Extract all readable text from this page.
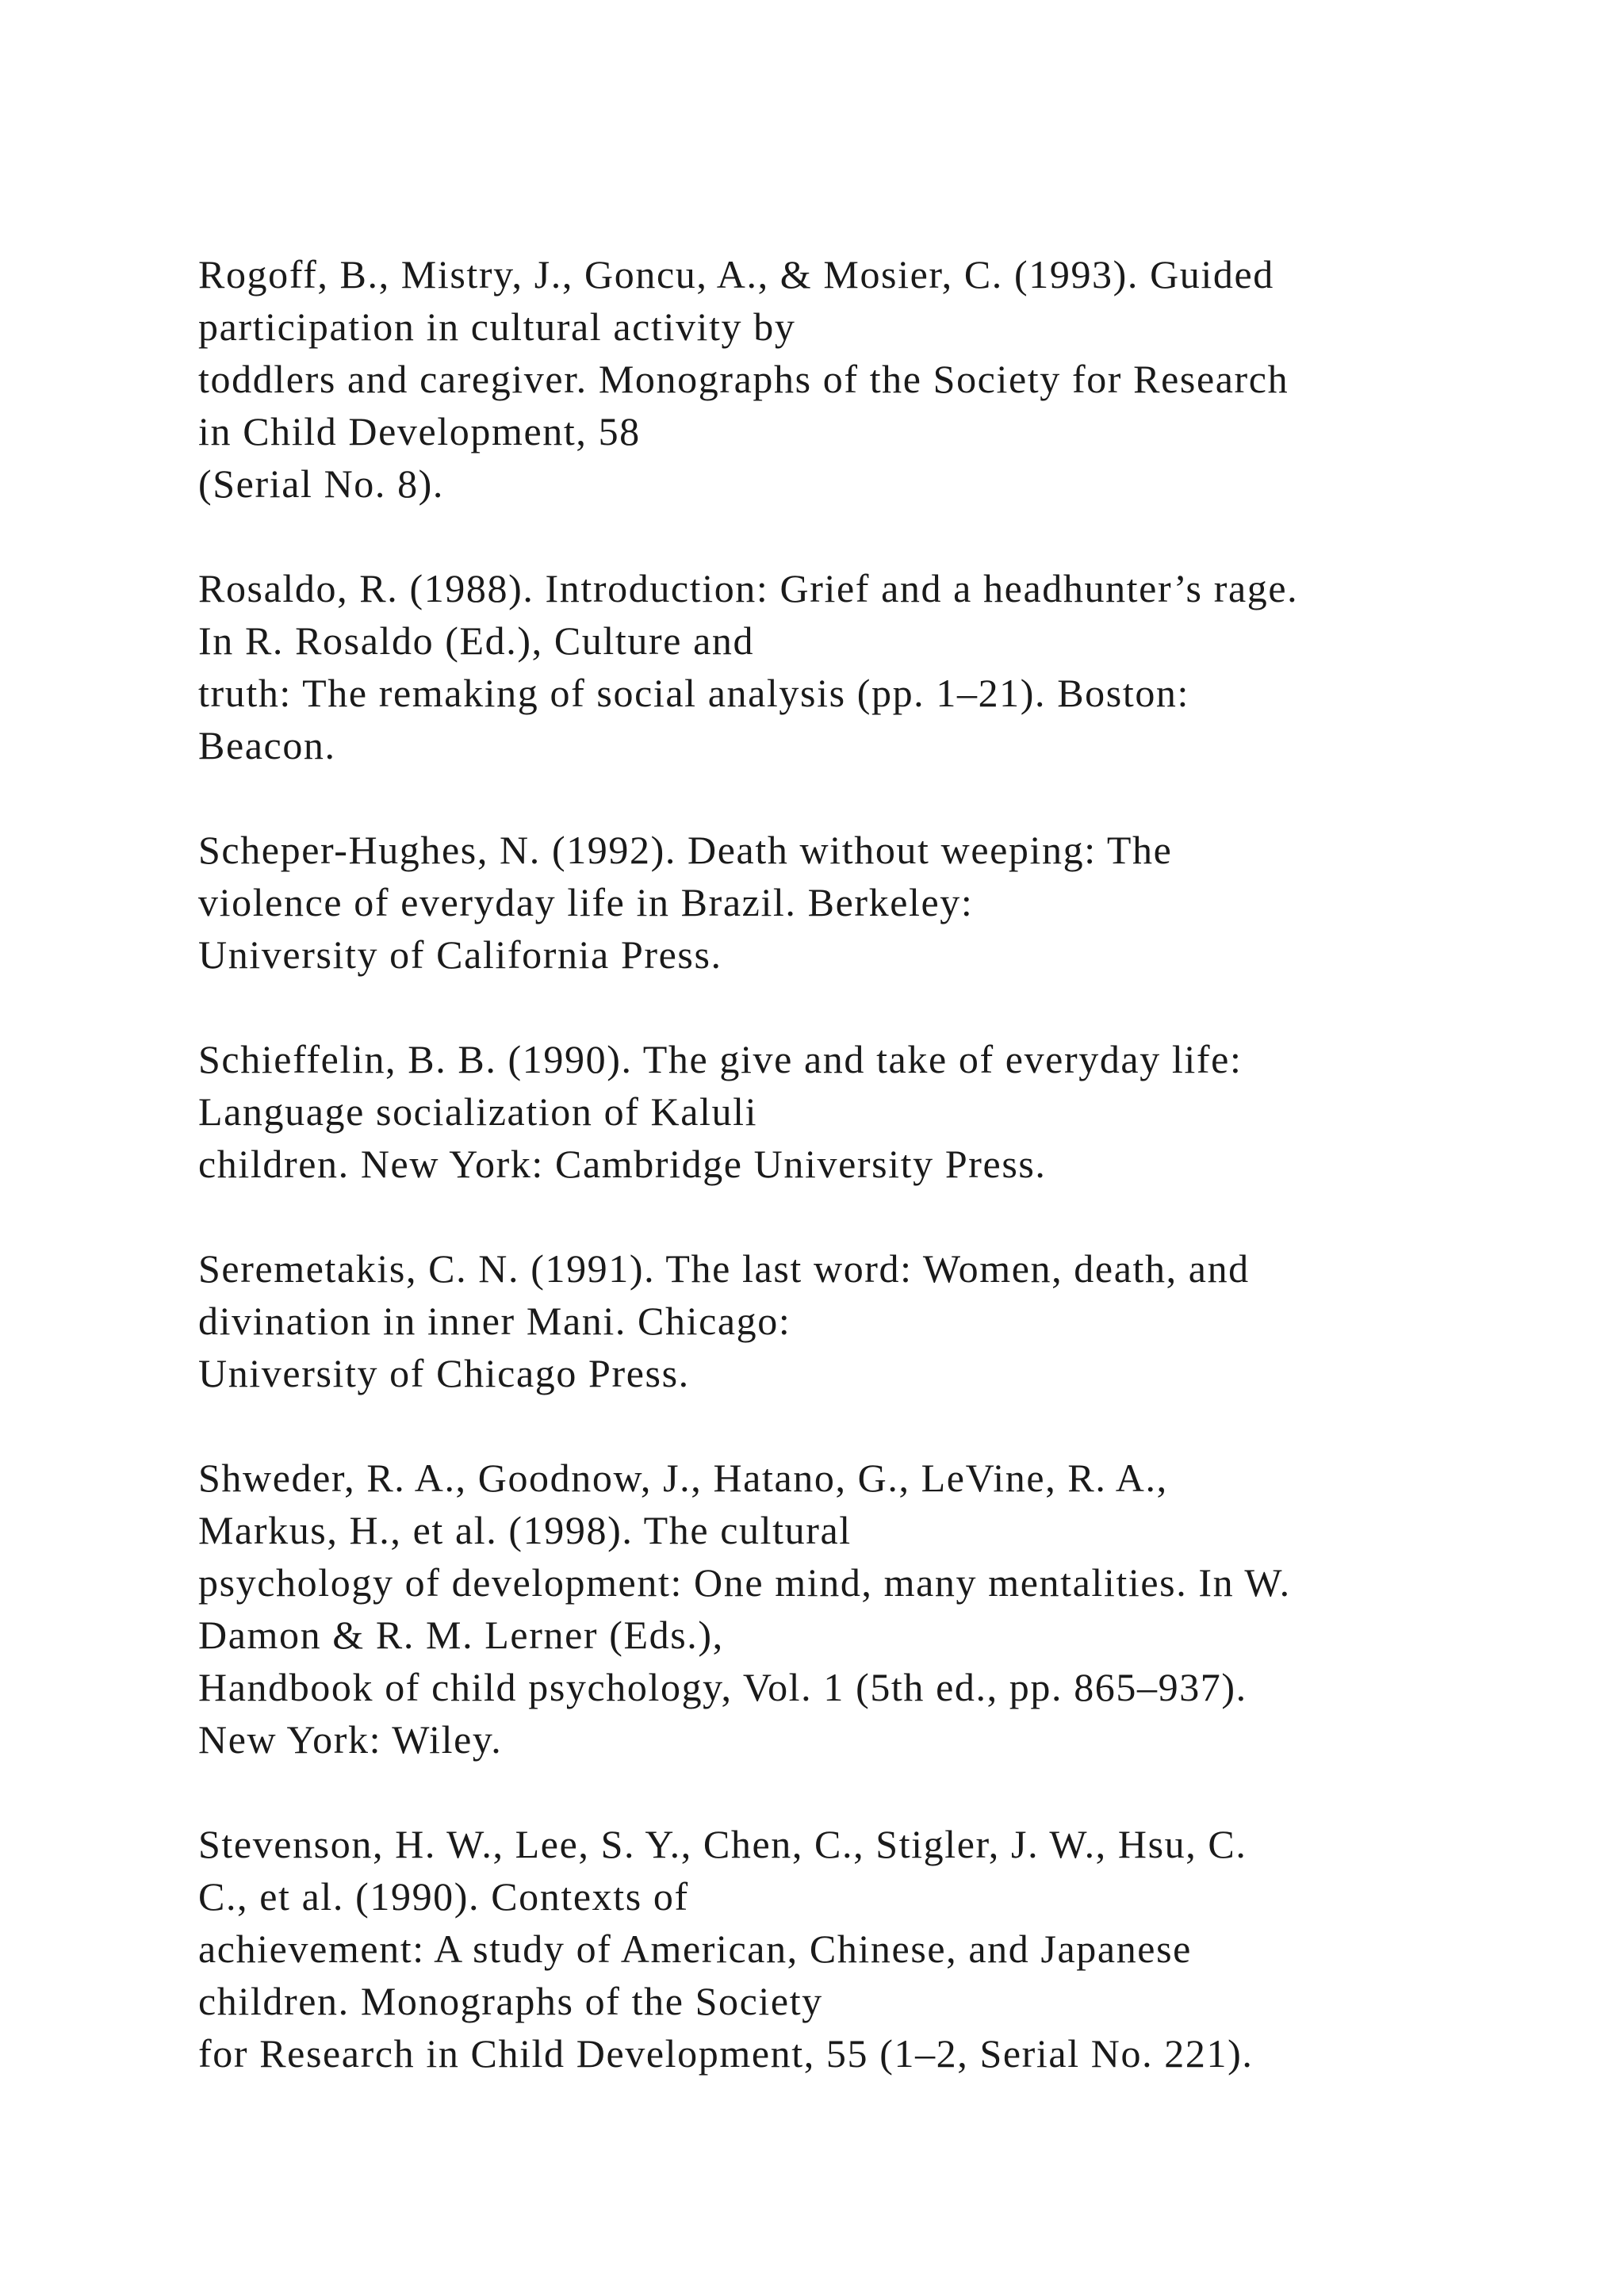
Rogoff, B., Mistry, J., Goncu, A., & Mosier, C. (1993). Guided
participation in cultural activity by
toddlers and caregiver. Monographs of the Society for Research
in Child Development, 58
(Serial No. 8).
Rosaldo, R. (1988). Introduction: Grief and a headhunter’s rage.
In R. Rosaldo (Ed.), Culture and
truth: The remaking of social analysis (pp. 1–21). Boston:
Beacon.
Scheper-Hughes, N. (1992). Death without weeping: The
violence of everyday life in Brazil. Berkeley:
University of California Press.
Schieffelin, B. B. (1990). The give and take of everyday life:
Language socialization of Kaluli
children. New York: Cambridge University Press.
Seremetakis, C. N. (1991). The last word: Women, death, and
divination in inner Mani. Chicago:
University of Chicago Press.
Shweder, R. A., Goodnow, J., Hatano, G., LeVine, R. A.,
Markus, H., et al. (1998). The cultural
psychology of development: One mind, many mentalities. In W.
Damon & R. M. Lerner (Eds.),
Handbook of child psychology, Vol. 1 (5th ed., pp. 865–937).
New York: Wiley.
Stevenson, H. W., Lee, S. Y., Chen, C., Stigler, J. W., Hsu, C.
C., et al. (1990). Contexts of
achievement: A study of American, Chinese, and Japanese
children. Monographs of the Society
for Research in Child Development, 55 (1–2, Serial No. 221).
